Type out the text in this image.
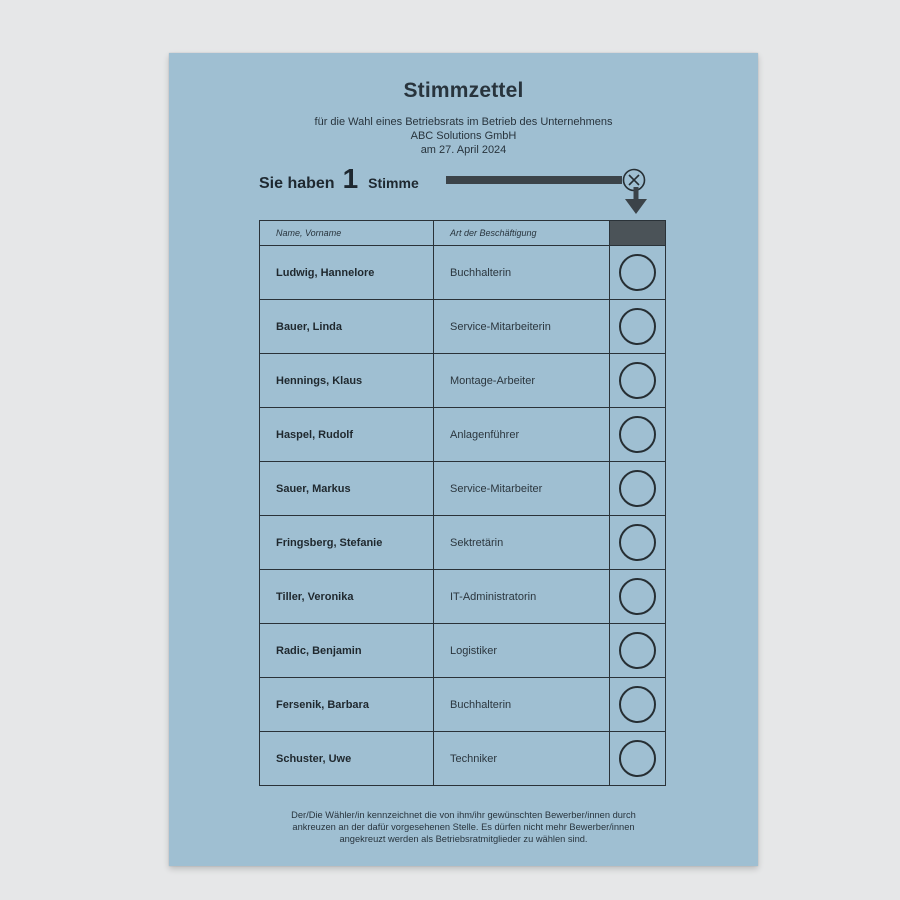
Stimmzettel
für die Wahl eines Betriebsrats im Betrieb des Unternehmens
ABC Solutions GmbH
am 27. April 2024
Sie haben 1 Stimme
Name, Vorname	Art der Beschäftigung	
Ludwig, Hannelore	Buchhalterin	
Bauer, Linda	Service-Mitarbeiterin	
Hennings, Klaus	Montage-Arbeiter	
Haspel, Rudolf	Anlagenführer	
Sauer, Markus	Service-Mitarbeiter	
Fringsberg, Stefanie	Sektretärin	
Tiller, Veronika	IT-Administratorin	
Radic, Benjamin	Logistiker	
Fersenik, Barbara	Buchhalterin	
Schuster, Uwe	Techniker	
Der/Die Wähler/in kennzeichnet die von ihm/ihr gewünschten Bewerber/innen durch
ankreuzen an der dafür vorgesehenen Stelle. Es dürfen nicht mehr Bewerber/innen
angekreuzt werden als Betriebsratmitglieder zu wählen sind.
